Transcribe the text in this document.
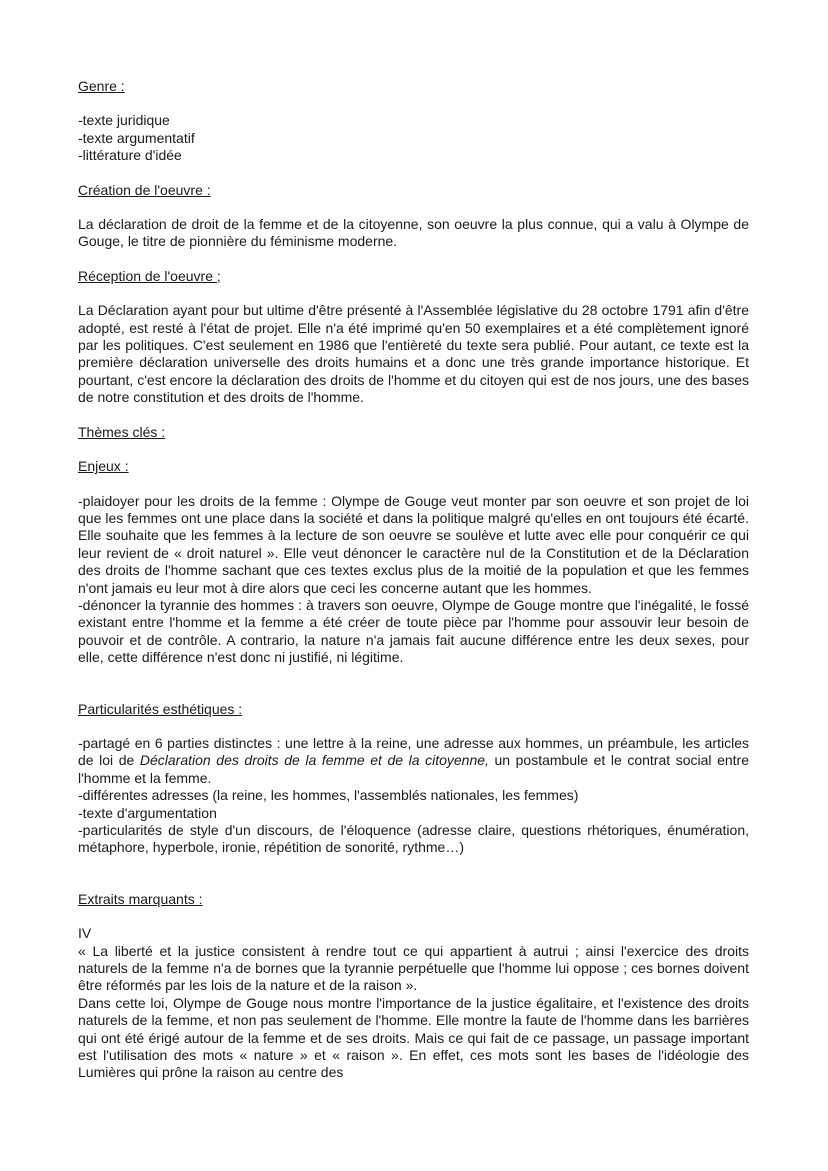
Genre :
-texte juridique
-texte argumentatif
-littérature d'idée
Création de l'oeuvre :

La déclaration de droit de la femme et de la citoyenne, son oeuvre la plus connue, qui a valu à Olympe de Gouge, le titre de pionnière du féminisme moderne.

Réception de l'oeuvre ;

La Déclaration ayant pour but ultime d'être présenté à l'Assemblée législative du 28 octobre 1791 afin d'être adopté, est resté à l'état de projet. Elle n'a été imprimé qu'en 50 exemplaires et a été complètement ignoré par les politiques. C'est seulement en 1986 que l'entièreté du texte sera publié. Pour autant, ce texte est la première déclaration universelle des droits humains et a donc une très grande importance historique. Et pourtant, c'est encore la déclaration des droits de l'homme et du citoyen qui est de nos jours, une des bases de notre constitution et des droits de l'homme.

Thèmes clés :
Enjeux :

-plaidoyer pour les droits de la femme : Olympe de Gouge veut monter par son oeuvre et son projet de loi que les femmes ont une place dans la société et dans la politique malgré qu'elles en ont toujours été écarté. Elle souhaite que les femmes à la lecture de son oeuvre se soulève et lutte avec elle pour conquérir ce qui leur revient de « droit naturel ». Elle veut dénoncer le caractère nul de la Constitution et de la Déclaration des droits de l'homme sachant que ces textes exclus plus de la moitié de la population et que les femmes n'ont jamais eu leur mot à dire alors que ceci les concerne autant que les hommes.

-dénoncer la tyrannie des hommes : à travers son oeuvre, Olympe de Gouge montre que l'inégalité, le fossé existant entre l'homme et la femme a été créer de toute pièce par l'homme pour assouvir leur besoin de pouvoir et de contrôle. A contrario, la nature n'a jamais fait aucune différence entre les deux sexes, pour elle, cette différence n'est donc ni justifié, ni légitime.

Particularités esthétiques :

-partagé en 6 parties distinctes : une lettre à la reine, une adresse aux hommes, un préambule, les articles de loi de Déclaration des droits de la femme et de la citoyenne, un postambule et le contrat social entre l'homme et la femme.

-différentes adresses (la reine, les hommes, l'assemblés nationales, les femmes)

-texte d'argumentation

-particularités de style d'un discours, de l'éloquence (adresse claire, questions rhétoriques, énumération, métaphore, hyperbole, ironie, répétition de sonorité, rythme…)

Extraits marquants :
IV

« La liberté et la justice consistent à rendre tout ce qui appartient à autrui ; ainsi l'exercice des droits naturels de la femme n'a de bornes que la tyrannie perpétuelle que l'homme lui oppose ; ces bornes doivent être réformés par les lois de la nature et de la raison ».

Dans cette loi, Olympe de Gouge nous montre l'importance de la justice égalitaire, et l'existence des droits naturels de la femme, et non pas seulement de l'homme. Elle montre la faute de l'homme dans les barrières qui ont été érigé autour de la femme et de ses droits. Mais ce qui fait de ce passage, un passage important est l'utilisation des mots « nature » et « raison ». En effet, ces mots sont les bases de l'idéologie des Lumières qui prône la raison au centre des
